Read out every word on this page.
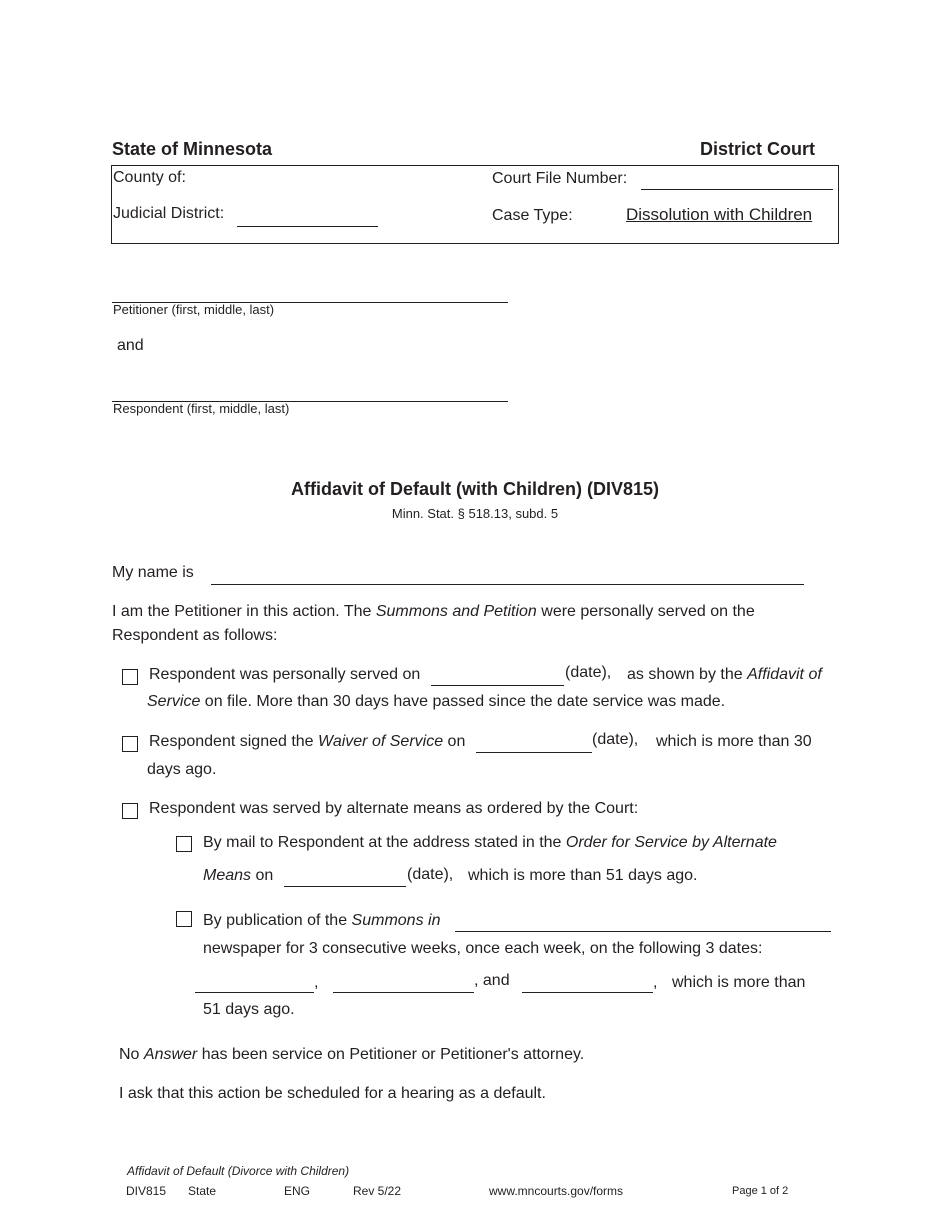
State of Minnesota	District Court
County of:
Judicial District:
Court File Number:
Case Type:	Dissolution with Children
Petitioner (first, middle, last)
and
Respondent (first, middle, last)
Affidavit of Default (with Children) (DIV815)
Minn. Stat. § 518.13, subd. 5
My name is
I am the Petitioner in this action. The Summons and Petition were personally served on the
Respondent as follows:
Respondent was personally served on	(date), as shown by the Affidavit of
Service on file. More than 30 days have passed since the date service was made.
Respondent signed the Waiver of Service on	(date), which is more than 30
days ago.
Respondent was served by alternate means as ordered by the Court:
By mail to Respondent at the address stated in the Order for Service by Alternate
Means on	(date), which is more than 51 days ago.
By publication of the Summons in
newspaper for 3 consecutive weeks, once each week, on the following 3 dates:
,	, and	, which is more than
51 days ago.
No Answer has been service on Petitioner or Petitioner's attorney.
I ask that this action be scheduled for a hearing as a default.
Affidavit of Default (Divorce with Children)
DIV815 State	ENG	Rev 5/22	www.mncourts.gov/forms	Page 1 of 2
